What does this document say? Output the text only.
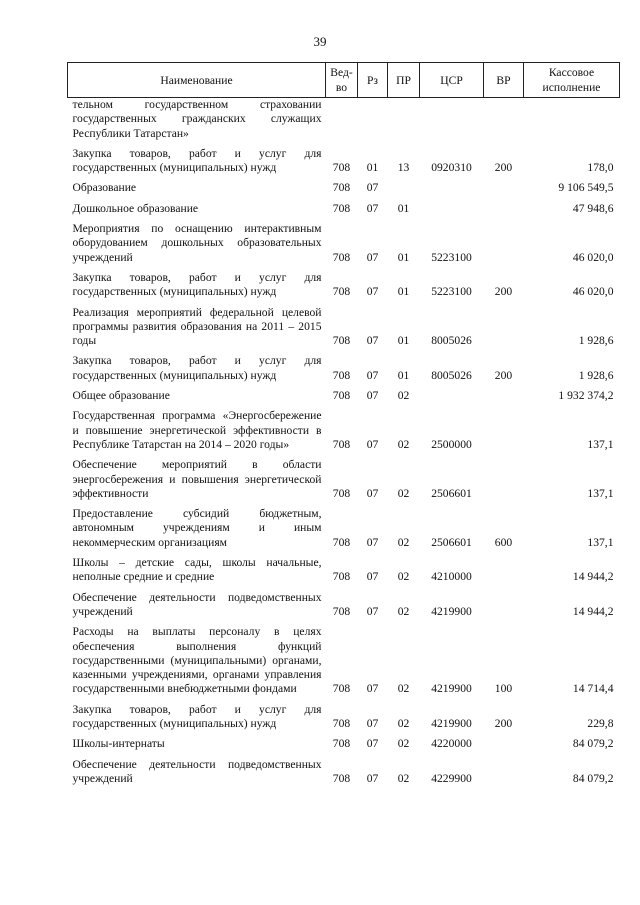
39
Наименование	Вед-во	Рз	ПР	ЦСР	ВР	Кассовое исполнение
тельном государственном страховании государственных гражданских служащих Республики Татарстан»						
Закупка товаров, работ и услуг для государственных (муниципальных) нужд	708	01	13	0920310	200	178,0
Образование	708	07				9 106 549,5
Дошкольное образование	708	07	01			47 948,6
Мероприятия по оснащению интерактивным оборудованием дошкольных образовательных учреждений	708	07	01	5223100		46 020,0
Закупка товаров, работ и услуг для государственных (муниципальных) нужд	708	07	01	5223100	200	46 020,0
Реализация мероприятий федеральной целевой программы развития образования на 2011 – 2015 годы	708	07	01	8005026		1 928,6
Закупка товаров, работ и услуг для государственных (муниципальных) нужд	708	07	01	8005026	200	1 928,6
Общее образование	708	07	02			1 932 374,2
Государственная программа «Энергосбережение и повышение энергетической эффективности в Республике Татарстан на 2014 – 2020 годы»	708	07	02	2500000		137,1
Обеспечение мероприятий в области энергосбережения и повышения энергетической эффективности	708	07	02	2506601		137,1
Предоставление субсидий бюджетным, автономным учреждениям и иным некоммерческим организациям	708	07	02	2506601	600	137,1
Школы – детские сады, школы начальные, неполные средние и средние	708	07	02	4210000		14 944,2
Обеспечение деятельности подведомственных учреждений	708	07	02	4219900		14 944,2
Расходы на выплаты персоналу в целях обеспечения выполнения функций государственными (муниципальными) органами, казенными учреждениями, органами управления государственными внебюджетными фондами	708	07	02	4219900	100	14 714,4
Закупка товаров, работ и услуг для государственных (муниципальных) нужд	708	07	02	4219900	200	229,8
Школы-интернаты	708	07	02	4220000		84 079,2
Обеспечение деятельности подведомственных учреждений	708	07	02	4229900		84 079,2
